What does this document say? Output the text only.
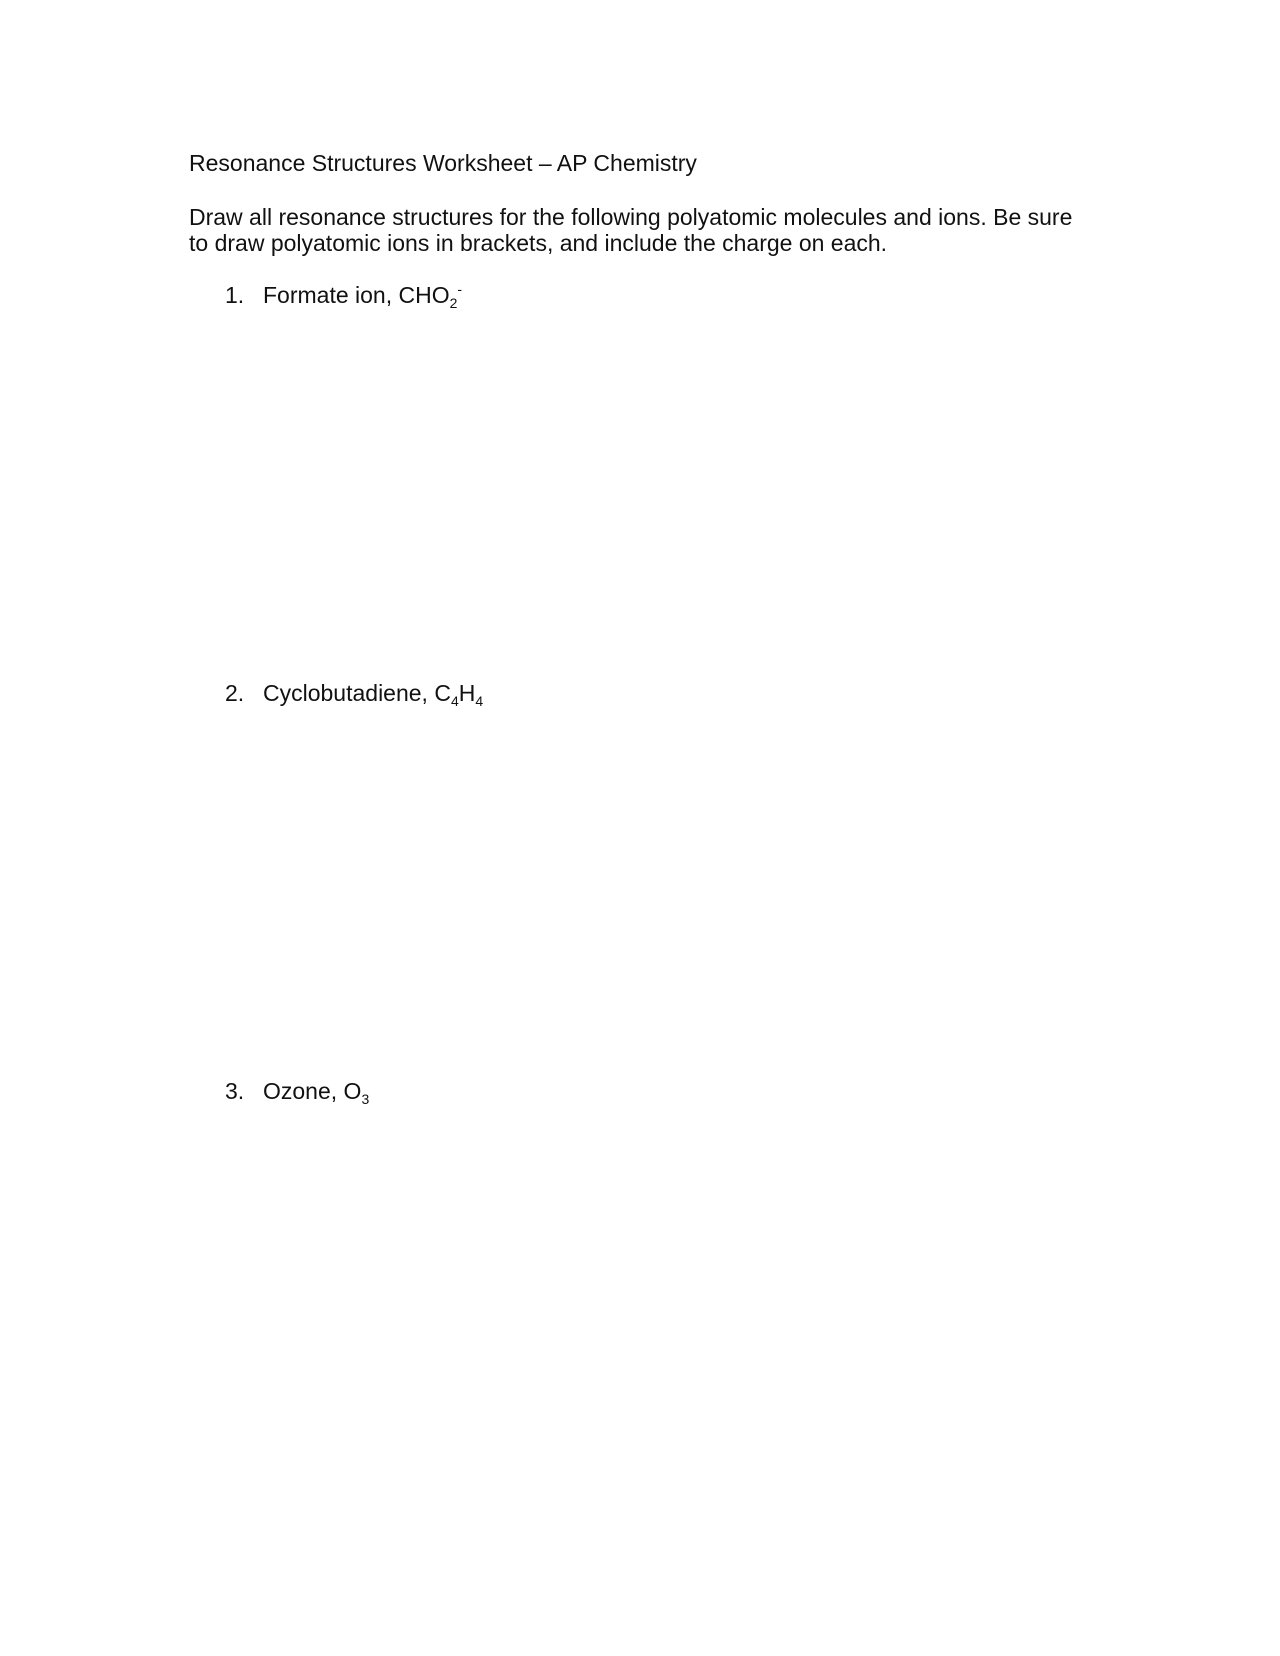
Resonance Structures Worksheet – AP Chemistry
Draw all resonance structures for the following polyatomic molecules and ions. Be sure
to draw polyatomic ions in brackets, and include the charge on each.
1. Formate ion, $CHO_2^-$
2. Cyclobutadiene, $C_4H_4$
3. Ozone, $O_3$
